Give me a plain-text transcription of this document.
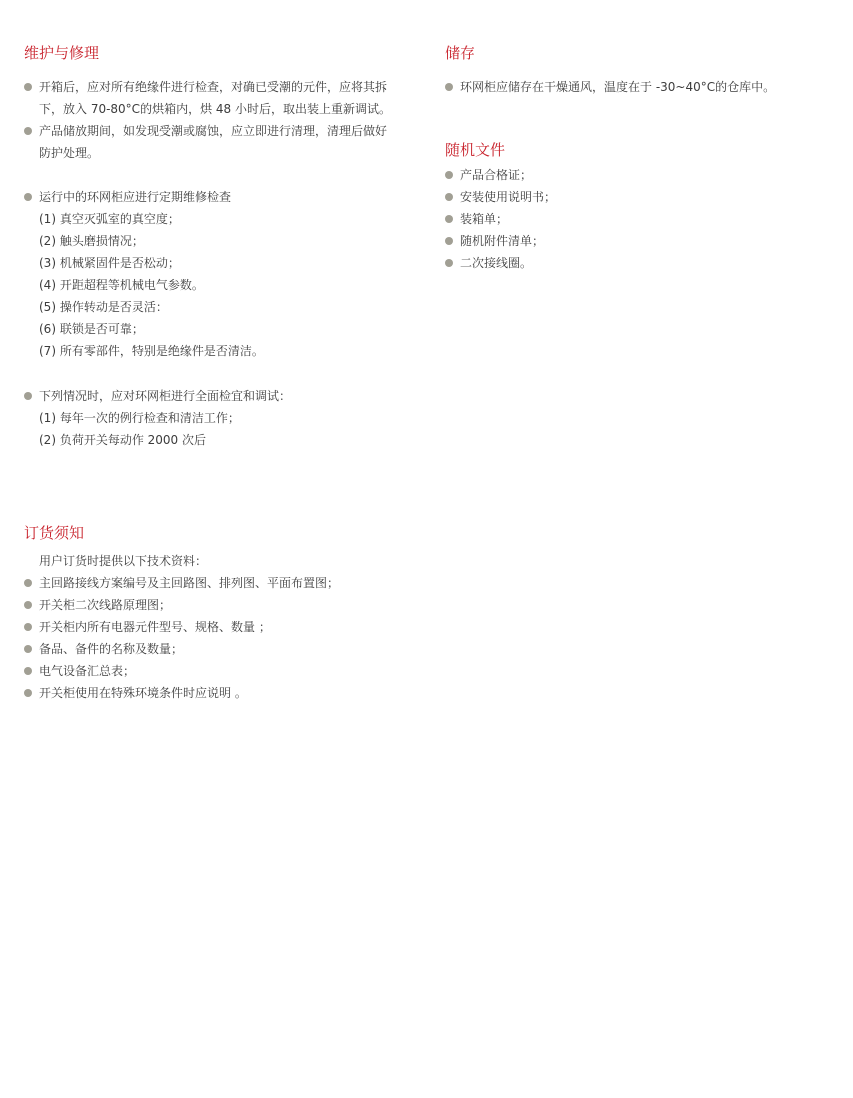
维护与修理
开箱后，应对所有绝缘件进行检查，对确已受潮的元件，应将其拆
下，放入 70-80°C的烘箱内，烘 48 小时后，取出装上重新调试。
产品储放期间，如发现受潮或腐蚀，应立即进行清理，清理后做好
防护处理。
运行中的环网柜应进行定期维修检查
(1) 真空灭弧室的真空度；
(2) 触头磨损情况；
(3) 机械紧固件是否松动；
(4) 开距超程等机械电气参数。
(5) 操作转动是否灵活：
(6) 联锁是否可靠；
(7) 所有零部件，特别是绝缘件是否清洁。
下列情况时，应对环网柜进行全面检宜和调试：
(1) 每年一次的例行检查和清洁工作；
(2) 负荷开关每动作 2000 次后
订货须知
用户订货时提供以下技术资料：
主回路接线方案编号及主回路图、排列图、平面布置图；
开关柜二次线路原理图；
开关柜内所有电器元件型号、规格、数量 ；
备品、备件的名称及数量；
电气设备汇总表；
开关柜使用在特殊环境条件时应说明 。
储存
环网柜应储存在干燥通风，温度在于 -30~40°C的仓库中。
随机文件
产品合格证；
安装使用说明书；
装箱单；
随机附件清单；
二次接线圈。
